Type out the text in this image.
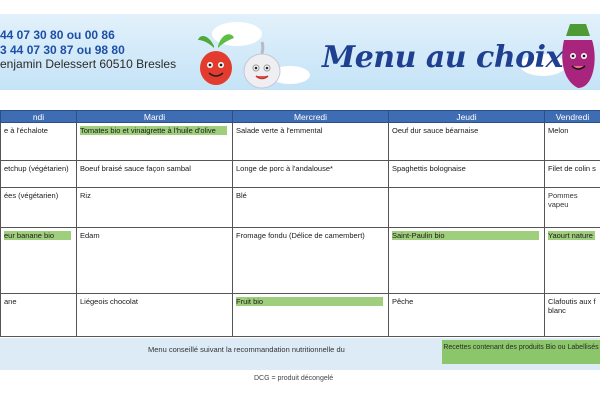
44 07 30 80 ou 00 86
3 44 07 30 87 ou 98 80
enjamin Delessert 60510 Bresles	Menu au choix
ndi	Mardi	Mercredi	Jeudi	Vendredi

e à l'échalote	Tomates bio et vinaigrette à l'huile d'olive	Salade verte à l'emmental	Oeuf dur sauce béarnaise	Melon

etchup (végétarien)	Boeuf braisé sauce façon sambal	Longe de porc à l'andalouse*	Spaghettis bolognaise	Filet de colin s

ées (végétarien)	Riz	Blé		Pommes vapeu

eur banane bio	Edam	Fromage fondu (Délice de camembert)	Saint-Paulin bio	Yaourt nature

ane	Liégeois chocolat	Fruit bio	Pêche	Clafoutis aux f blanc
Menu conseillé suivant la recommandation nutritionnelle du	Recettes contenant des produits Bio ou Labellisés
DCG = produit décongelé
